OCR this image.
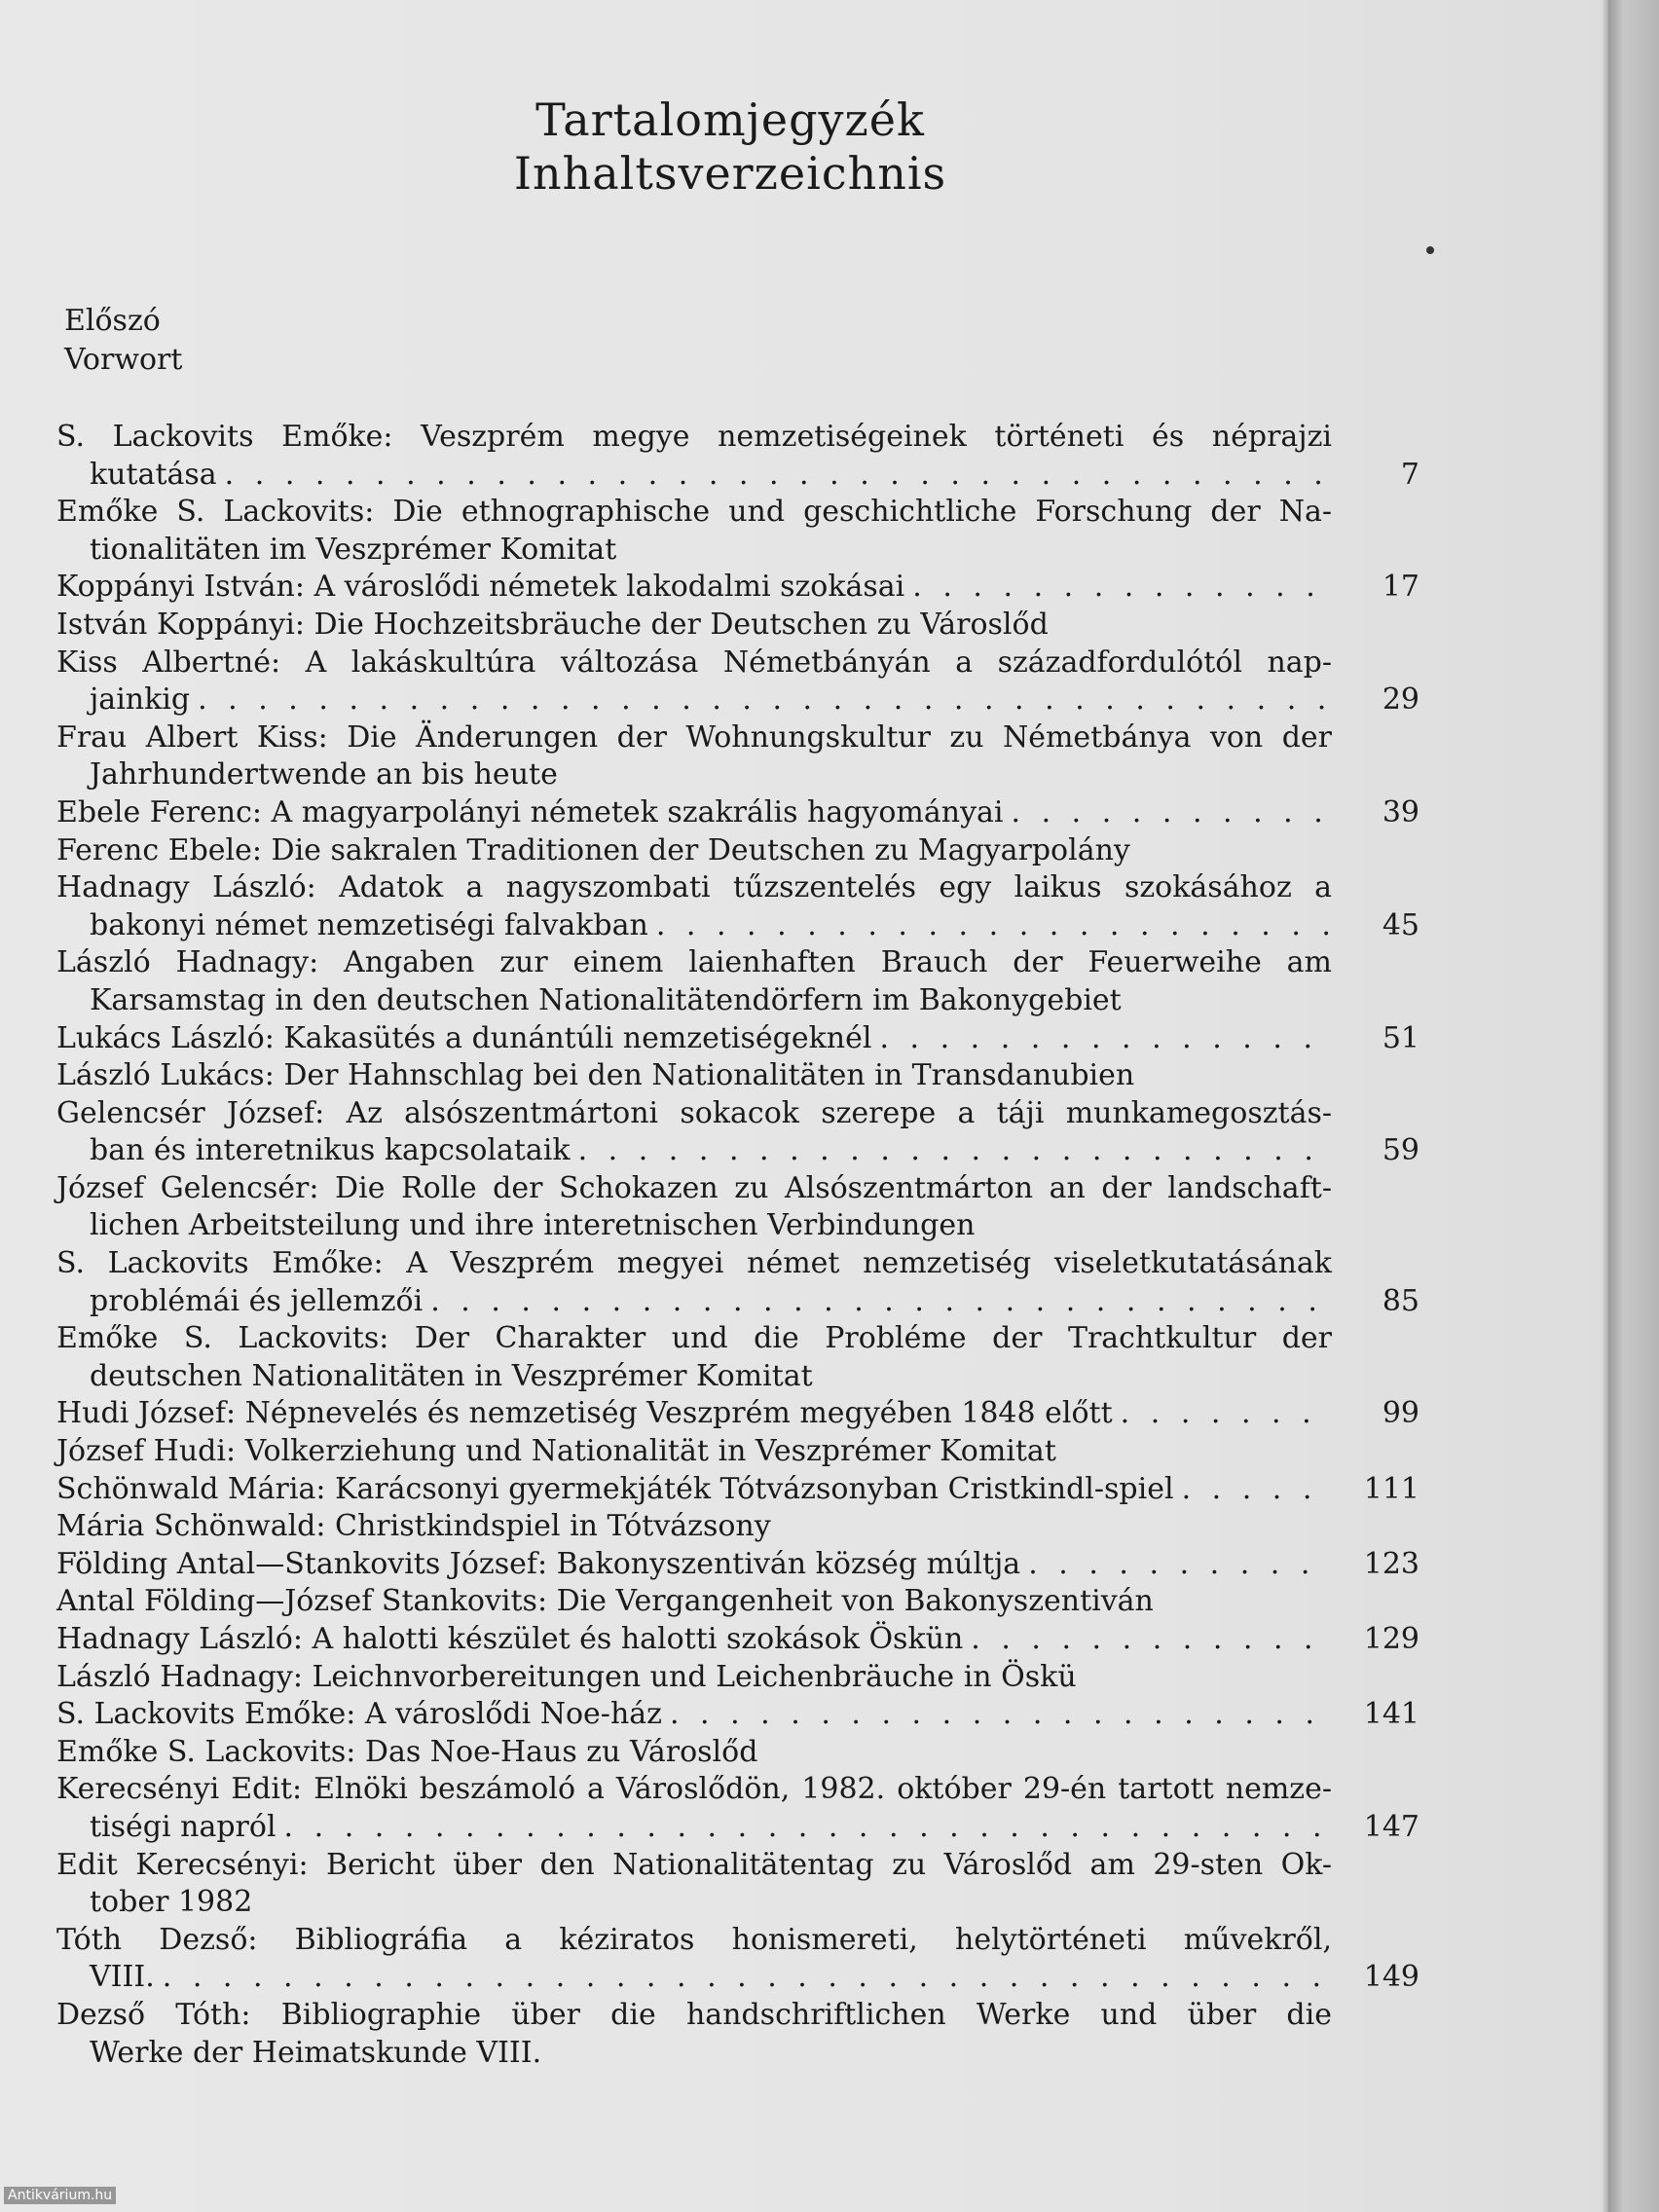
Tartalomjegyzék
Inhaltsverzeichnis
Előszó
Vorwort
S. Lackovits Emőke: Veszprém megye nemzetiségeinek történeti és néprajzi
kutatása . . .	7
Emőke S. Lackovits: Die ethnographische und geschichtliche Forschung der Na-
tionalitäten im Veszprémer Komitat
Koppányi István: A városlődi németek lakodalmi szokásai . . .	17
István Koppányi: Die Hochzeitsbräuche der Deutschen zu Városlőd
Kiss Albertné: A lakáskultúra változása Németbányán a századfordulótól nap-
jainkig . . .	29
Frau Albert Kiss: Die Änderungen der Wohnungskultur zu Németbánya von der
Jahrhundertwende an bis heute
Ebele Ferenc: A magyarpolányi németek szakrális hagyományai . . .	39
Ferenc Ebele: Die sakralen Traditionen der Deutschen zu Magyarpolány
Hadnagy László: Adatok a nagyszombati tűzszentelés egy laikus szokásához a
bakonyi német nemzetiségi falvakban . . .	45
László Hadnagy: Angaben zur einem laienhaften Brauch der Feuerweihe am
Karsamstag in den deutschen Nationalitätendörfern im Bakonygebiet
Lukács László: Kakasütés a dunántúli nemzetiségeknél . . .	51
László Lukács: Der Hahnschlag bei den Nationalitäten in Transdanubien
Gelencsér József: Az alsószentmártoni sokacok szerepe a táji munkamegosztás-
ban és interetnikus kapcsolataik . . .	59
József Gelencsér: Die Rolle der Schokazen zu Alsószentmárton an der landschaft-
lichen Arbeitsteilung und ihre interetnischen Verbindungen
S. Lackovits Emőke: A Veszprém megyei német nemzetiség viseletkutatásának
problémái és jellemzői . . .	85
Emőke S. Lackovits: Der Charakter und die Probléme der Trachtkultur der
deutschen Nationalitäten in Veszprémer Komitat
Hudi József: Népnevelés és nemzetiség Veszprém megyében 1848 előtt . . .	99
József Hudi: Volkerziehung und Nationalität in Veszprémer Komitat
Schönwald Mária: Karácsonyi gyermekjáték Tótvázsonyban Cristkindl-spiel . . .	111
Mária Schönwald: Christkindspiel in Tótvázsony
Földing Antal—Stankovits József: Bakonyszentiván község múltja . . .	123
Antal Földing—József Stankovits: Die Vergangenheit von Bakonyszentiván
Hadnagy László: A halotti készület és halotti szokások Öskün . . .	129
László Hadnagy: Leichnvorbereitungen und Leichenbräuche in Öskü
S. Lackovits Emőke: A városlődi Noe-ház . . .	141
Emőke S. Lackovits: Das Noe-Haus zu Városlőd
Kerecsényi Edit: Elnöki beszámoló a Városlődön, 1982. október 29-én tartott nemze-
tiségi napról . . .	147
Edit Kerecsényi: Bericht über den Nationalitätentag zu Városlőd am 29-sten Ok-
tober 1982
Tóth Dezső: Bibliográfia a kéziratos honismereti, helytörténeti művekről,
VIII. . . .	149
Dezső Tóth: Bibliographie über die handschriftlichen Werke und über die
Werke der Heimatskunde VIII.
Antikvárium.hu
